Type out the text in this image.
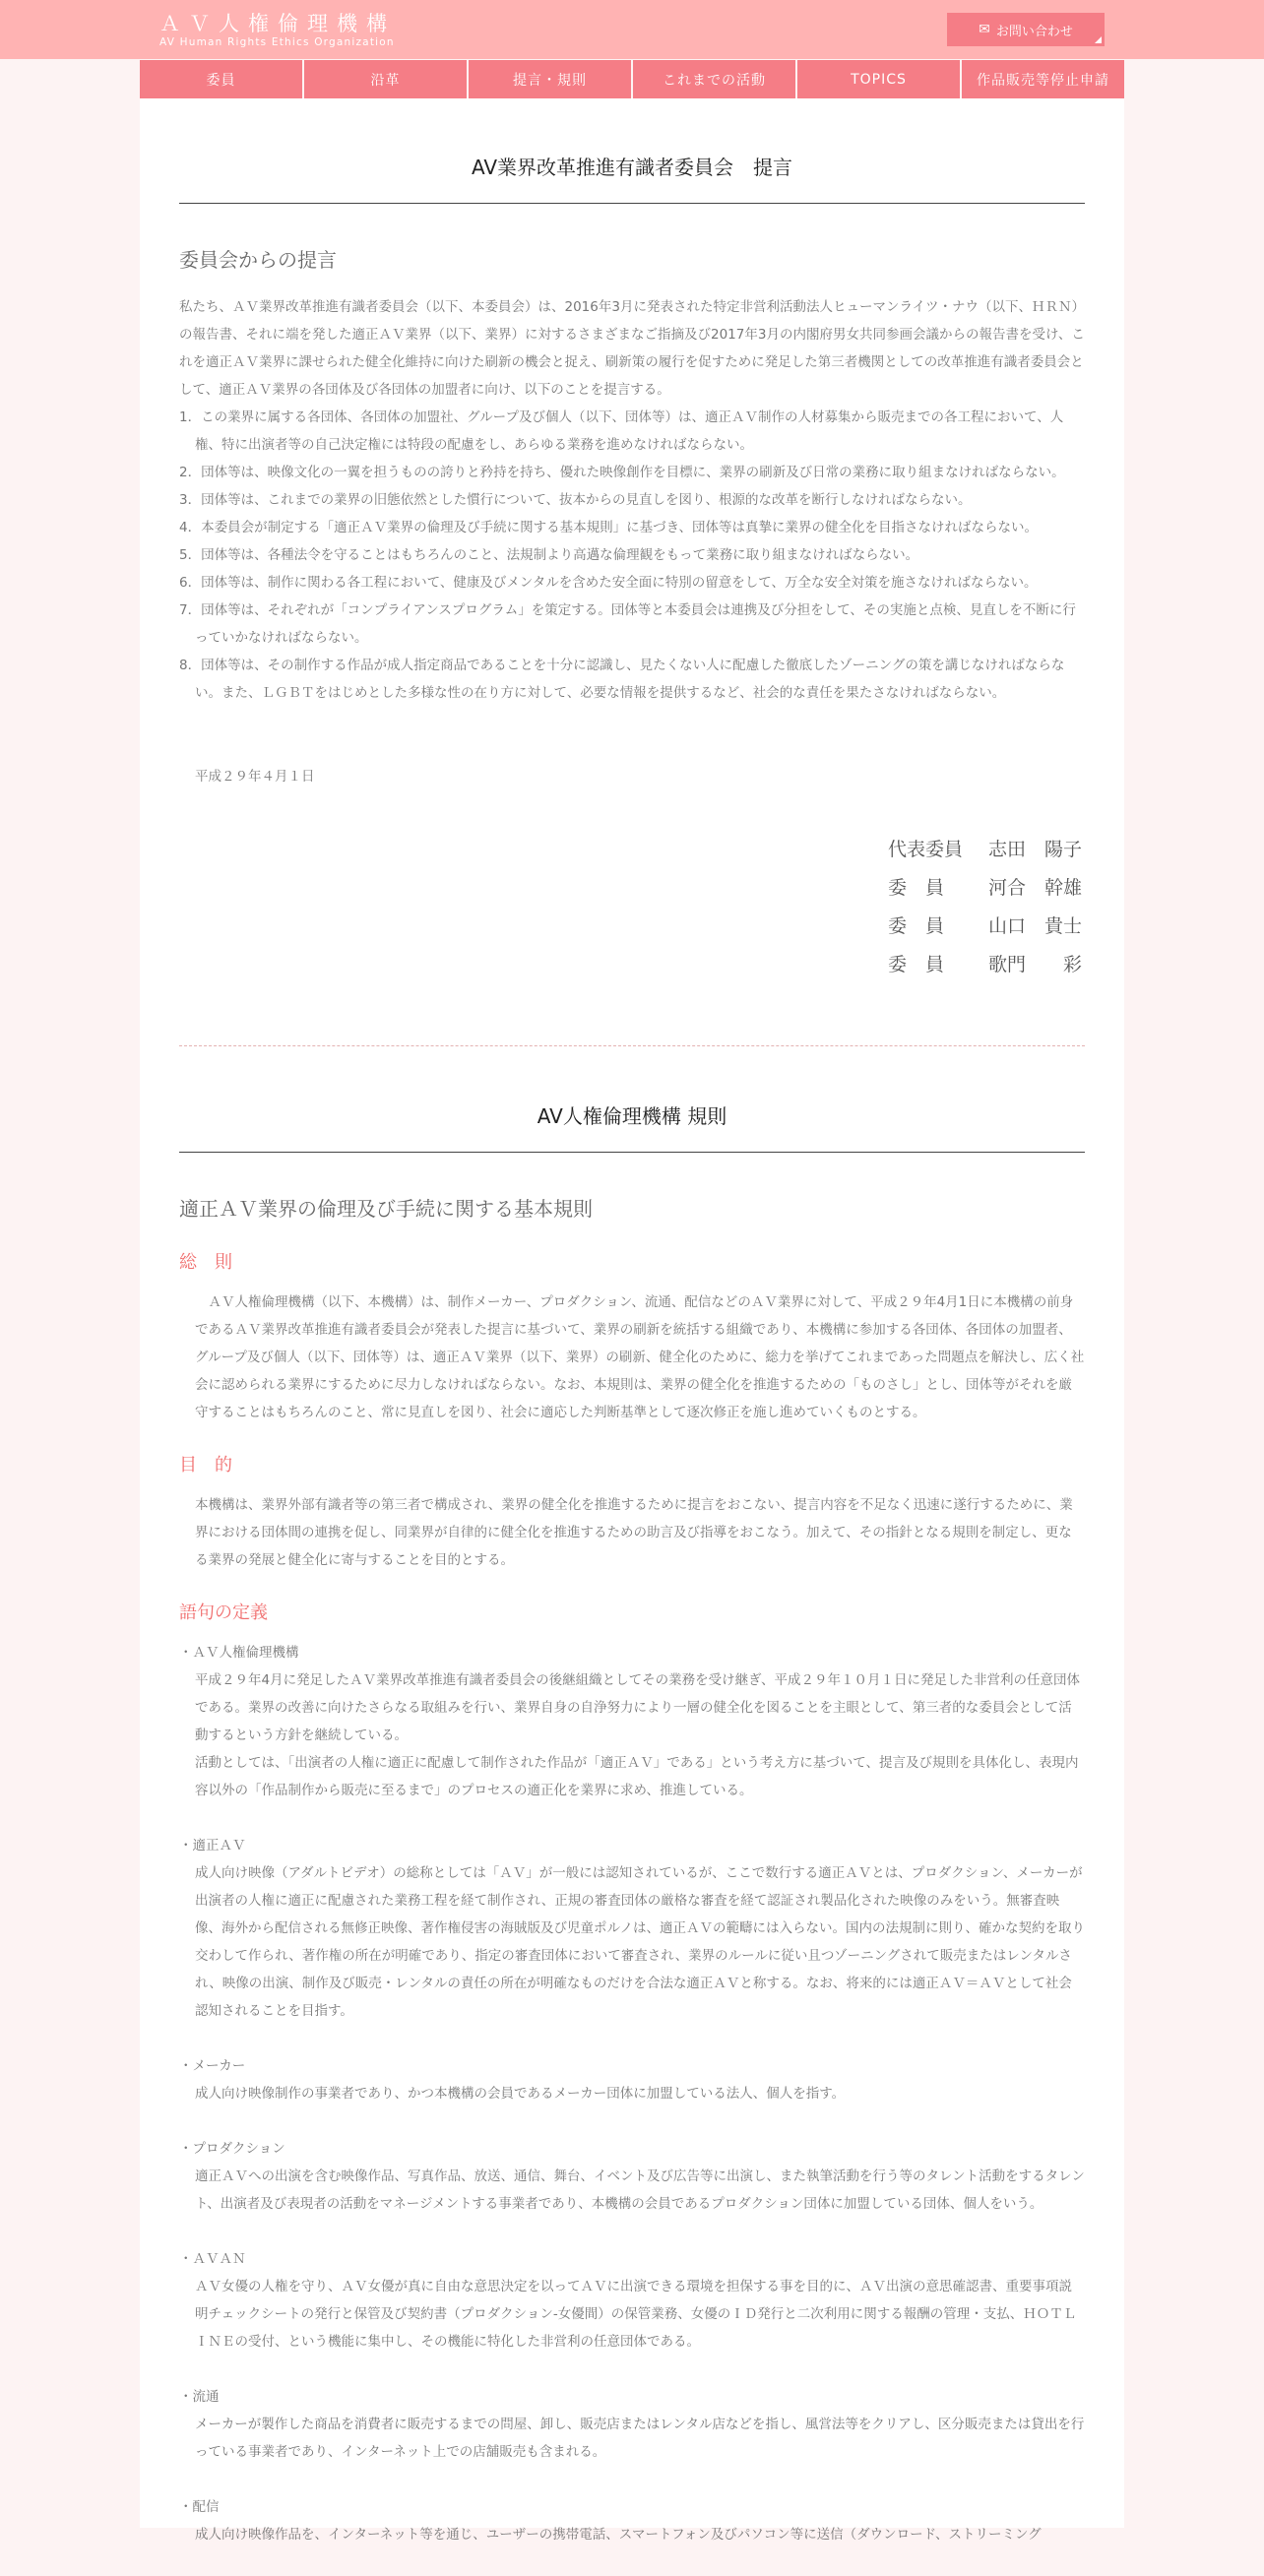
ＡＶ人権倫理機構
AV Human Rights Ethics Organization
✉ お問い合わせ
委員	沿革	提言・規則	これまでの活動	TOPICS	作品販売等停止申請
AV業界改革推進有識者委員会　提言
委員会からの提言

私たち、ＡＶ業界改革推進有識者委員会（以下、本委員会）は、2016年3月に発表された特定非営利活動法人ヒューマンライツ・ナウ（以下、ＨＲＮ）の報告書、それに端を発した適正ＡＶ業界（以下、業界）に対するさまざまなご指摘及び2017年3月の内閣府男女共同参画会議からの報告書を受け、これを適正ＡＶ業界に課せられた健全化維持に向けた刷新の機会と捉え、刷新策の履行を促すために発足した第三者機関としての改革推進有識者委員会として、適正ＡＶ業界の各団体及び各団体の加盟者に向け、以下のことを提言する。

1．この業界に属する各団体、各団体の加盟社、グループ及び個人（以下、団体等）は、適正ＡＶ制作の人材募集から販売までの各工程において、人権、特に出演者等の自己決定権には特段の配慮をし、あらゆる業務を進めなければならない。
2．団体等は、映像文化の一翼を担うものの誇りと矜持を持ち、優れた映像創作を目標に、業界の刷新及び日常の業務に取り組まなければならない。
3．団体等は、これまでの業界の旧態依然とした慣行について、抜本からの見直しを図り、根源的な改革を断行しなければならない。
4．本委員会が制定する「適正ＡＶ業界の倫理及び手続に関する基本規則」に基づき、団体等は真摯に業界の健全化を目指さなければならない。
5．団体等は、各種法令を守ることはもちろんのこと、法規制より高邁な倫理観をもって業務に取り組まなければならない。
6．団体等は、制作に関わる各工程において、健康及びメンタルを含めた安全面に特別の留意をして、万全な安全対策を施さなければならない。
7．団体等は、それぞれが「コンプライアンスプログラム」を策定する。団体等と本委員会は連携及び分担をして、その実施と点検、見直しを不断に行っていかなければならない。
8．団体等は、その制作する作品が成人指定商品であることを十分に認識し、見たくない人に配慮した徹底したゾーニングの策を講じなければならない。また、ＬＧＢＴをはじめとした多様な性の在り方に対して、必要な情報を提供するなど、社会的な責任を果たさなければならない。
平成２９年４月１日
代表委員	志田　陽子
委　員	河合　幹雄
委　員	山口　貴士
委　員	歌門　　彩
AV人権倫理機構 規則
適正ＡＶ業界の倫理及び手続に関する基本規則
総　則

ＡＶ人権倫理機構（以下、本機構）は、制作メーカー、プロダクション、流通、配信などのＡＶ業界に対して、平成２９年4月1日に本機構の前身であるＡＶ業界改革推進有識者委員会が発表した提言に基づいて、業界の刷新を統括する組織であり、本機構に参加する各団体、各団体の加盟者、グループ及び個人（以下、団体等）は、適正ＡＶ業界（以下、業界）の刷新、健全化のために、総力を挙げてこれまであった問題点を解決し、広く社会に認められる業界にするために尽力しなければならない。なお、本規則は、業界の健全化を推進するための「ものさし」とし、団体等がそれを厳守することはもちろんのこと、常に見直しを図り、社会に適応した判断基準として逐次修正を施し進めていくものとする。

目　的

本機構は、業界外部有識者等の第三者で構成され、業界の健全化を推進するために提言をおこない、提言内容を不足なく迅速に遂行するために、業界における団体間の連携を促し、同業界が自律的に健全化を推進するための助言及び指導をおこなう。加えて、その指針となる規則を制定し、更なる業界の発展と健全化に寄与することを目的とする。

語句の定義
・ＡＶ人権倫理機構
平成２９年4月に発足したＡＶ業界改革推進有識者委員会の後継組織としてその業務を受け継ぎ、平成２９年１０月１日に発足した非営利の任意団体である。業界の改善に向けたさらなる取組みを行い、業界自身の自浄努力により一層の健全化を図ることを主眼として、第三者的な委員会として活動するという方針を継続している。
活動としては、「出演者の人権に適正に配慮して制作された作品が「適正ＡＶ」である」という考え方に基づいて、提言及び規則を具体化し、表現内容以外の「作品制作から販売に至るまで」のプロセスの適正化を業界に求め、推進している。
・適正ＡＶ
成人向け映像（アダルトビデオ）の総称としては「ＡＶ」が一般には認知されているが、ここで数行する適正ＡＶとは、プロダクション、メーカーが出演者の人権に適正に配慮された業務工程を経て制作され、正規の審査団体の厳格な審査を経て認証され製品化された映像のみをいう。無審査映像、海外から配信される無修正映像、著作権侵害の海賊版及び児童ポルノは、適正ＡＶの範疇には入らない。国内の法規制に則り、確かな契約を取り交わして作られ、著作権の所在が明確であり、指定の審査団体において審査され、業界のルールに従い且つゾーニングされて販売またはレンタルされ、映像の出演、制作及び販売・レンタルの責任の所在が明確なものだけを合法な適正ＡＶと称する。なお、将来的には適正ＡＶ＝ＡＶとして社会認知されることを目指す。
・メーカー
成人向け映像制作の事業者であり、かつ本機構の会員であるメーカー団体に加盟している法人、個人を指す。
・プロダクション
適正ＡＶへの出演を含む映像作品、写真作品、放送、通信、舞台、イベント及び広告等に出演し、また執筆活動を行う等のタレント活動をするタレント、出演者及び表現者の活動をマネージメントする事業者であり、本機構の会員であるプロダクション団体に加盟している団体、個人をいう。
・ＡＶＡＮ
ＡＶ女優の人権を守り、ＡＶ女優が真に自由な意思決定を以ってＡＶに出演できる環境を担保する事を目的に、ＡＶ出演の意思確認書、重要事項説明チェックシートの発行と保管及び契約書（プロダクション-女優間）の保管業務、女優のＩＤ発行と二次利用に関する報酬の管理・支払、ＨＯＴＬＩＮＥの受付、という機能に集中し、その機能に特化した非営利の任意団体である。
・流通
メーカーが製作した商品を消費者に販売するまでの問屋、卸し、販売店またはレンタル店などを指し、風営法等をクリアし、区分販売または貸出を行っている事業者であり、インターネット上での店舗販売も含まれる。
・配信
成人向け映像作品を、インターネット等を通じ、ユーザーの携帯電話、スマートフォン及びパソコン等に送信（ダウンロード、ストリーミング
